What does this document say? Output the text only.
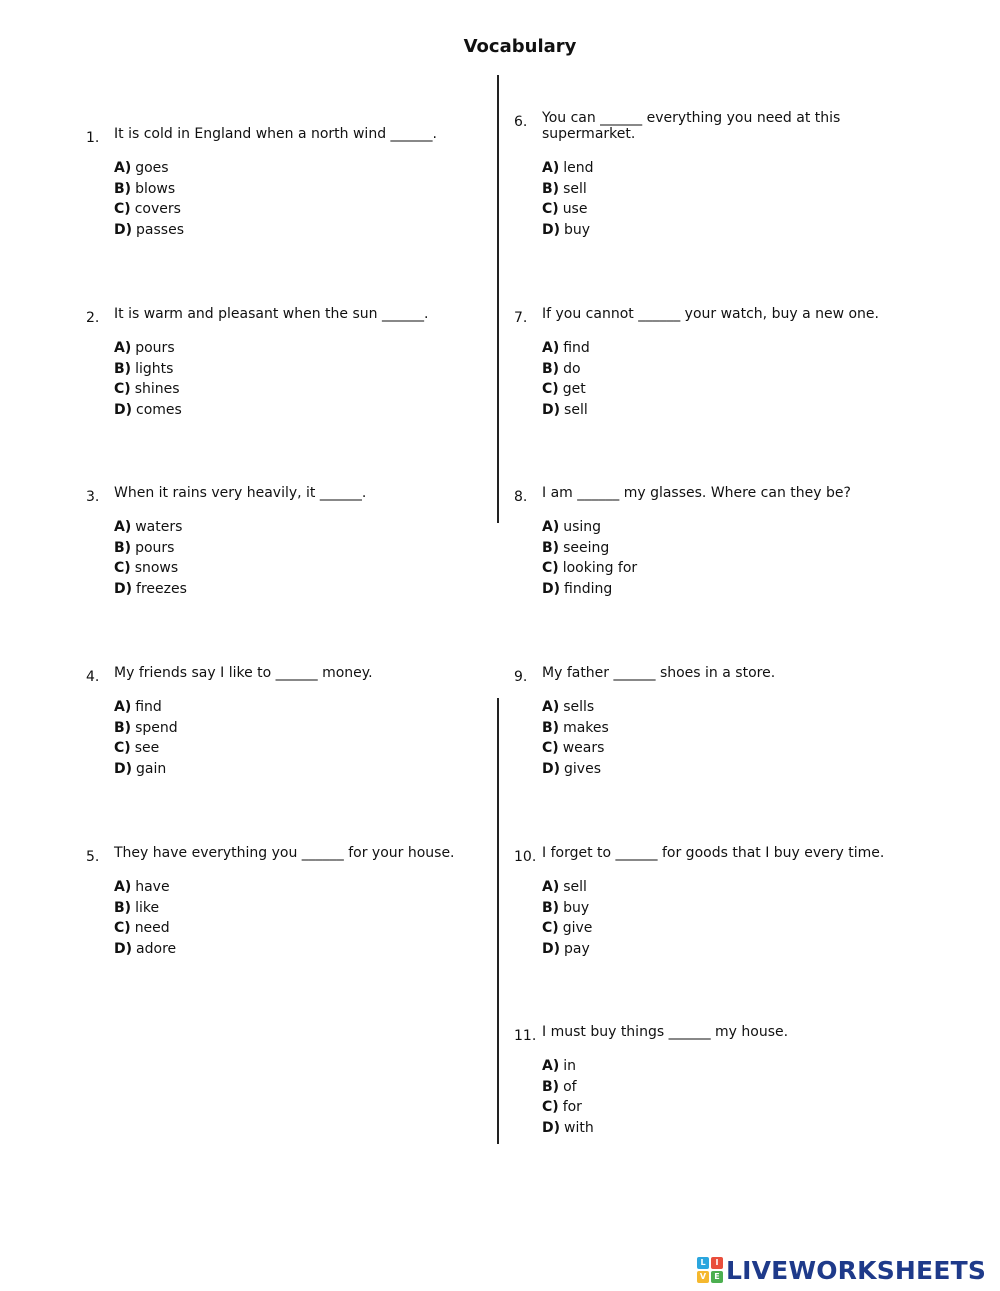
Vocabulary
1. It is cold in England when a north wind ______.
A) goes
B) blows
C) covers
D) passes
2. It is warm and pleasant when the sun ______.
A) pours
B) lights
C) shines
D) comes
3. When it rains very heavily, it ______.
A) waters
B) pours
C) snows
D) freezes
4. My friends say I like to ______ money.
A) find
B) spend
C) see
D) gain
5. They have everything you ______ for your house.
A) have
B) like
C) need
D) adore
6. You can ______ everything you need at this supermarket.
A) lend
B) sell
C) use
D) buy
7. If you cannot ______ your watch, buy a new one.
A) find
B) do
C) get
D) sell
8. I am ______ my glasses. Where can they be?
A) using
B) seeing
C) looking for
D) finding
9. My father ______ shoes in a store.
A) sells
B) makes
C) wears
D) gives
10. I forget to ______ for goods that I buy every time.
A) sell
B) buy
C) give
D) pay
11. I must buy things ______ my house.
A) in
B) of
C) for
D) with
L	I
V	E LIVEWORKSHEETS
